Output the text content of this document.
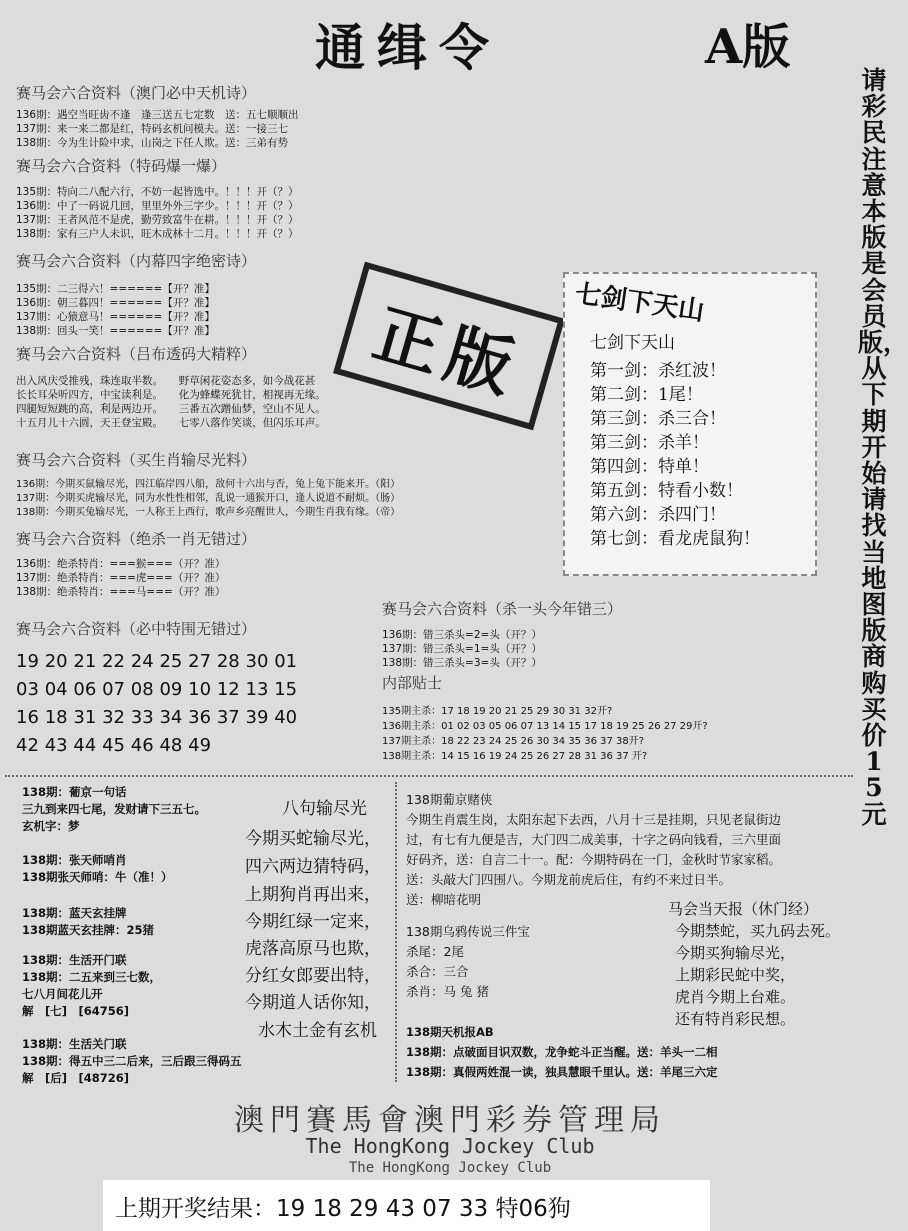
通缉令	A版
赛马会六合资料（澳门必中天机诗）
136期：遇空当旺齿不逢　逢三送五七定数　送：五七顺顺出
137期：来一来二都是红，特码玄机问模夫。送：一接三七
138期：今为生计险中求，山岗之下任人欺。送：三弟有势
赛马会六合资料（特码爆一爆）
135期：特向二八配六行，不妨一起皆选中。！！！开（？）
136期：中了一码说几回，里里外外三字少。！！！开（？）
137期：王者风范不是虎，勤劳致富牛在耕。！！！开（？）
138期：家有三户人未识，旺木成林十二月。！！！开（？）
赛马会六合资料（内幕四字绝密诗）
135期：二三得六！======【开？准】
136期：朝三暮四！======【开？准】
137期：心猿意马！======【开？准】
138期：回头一笑！======【开？准】
赛马会六合资料（吕布透码大精粹）
出入风庆受推残，珠连取半数。　　野草闲花姿态多，如今战花甚
长长耳朵听四方，中宝读利是。　　化为蜂蝶死犹甘，相视再无缘。
四腿短短跳的高，利是两边开。　　三番五次蹭仙梦，空山不见人。
十五月儿十六圆，天王登宝殿。　　七零八落作笑谈，但闪乐耳声。
赛马会六合资料（买生肖输尽光料）
136期：今期买鼠输尽光，四江临岸四八船，敌何十六出与否，兔上兔下能来开。（阳）
137期：今期买虎输尽光，同为水性性相邻，乱说一通猴开口，逢人说道不耐烦。（肠）
138期：今期买兔输尽光，一人称王上西行，歌声乡亮醒世人，今期生肖我有缘。（帝）
赛马会六合资料（绝杀一肖无错过）
136期：绝杀特肖：===猴===（开？准）
137期：绝杀特肖：===虎===（开？准）
138期：绝杀特肖：===马===（开？准）
赛马会六合资料（必中特围无错过）
19 20 21 22 24 25 27 28 30 01
03 04 06 07 08 09 10 12 13 15
16 18 31 32 33 34 36 37 39 40
42 43 44 45 46 48 49
正版	七剑下天山
七剑下天山
第一剑：杀红波！
第二剑：1尾！
第三剑：杀三合！
第三剑：杀羊！
第四剑：特单！
第五剑：特看小数！
第六剑：杀四门！
第七剑：看龙虎鼠狗！
请彩民注意本版是会员版，从下期开始请找当地图版商购买价15元
赛马会六合资料（杀一头今年错三）
136期：错三杀头=2=头（开？）
137期：错三杀头=1=头（开？）
138期：错三杀头=3=头（开？）
内部贴士
135期主杀：17 18 19 20 21 25 29 30 31 32开?
136期主杀：01 02 03 05 06 07 13 14 15 17 18 19 25 26 27 29开?
137期主杀：18 22 23 24 25 26 30 34 35 36 37 38开?
138期主杀：14 15 16 19 24 25 26 27 28 31 36 37 开?
138期：葡京一句话
三九到来四七尾，发财请下三五七。
玄机字：梦
138期：张天师哨肖
138期张天师哨：牛（准！）
138期：蓝天玄挂牌
138期蓝天玄挂牌：25猪
138期：生活开门联
138期：二五来到三七数，
七八月间花儿开
解　[七]　[64756]
138期：生活关门联
138期：得五中三二后来，三后跟三得码五
解　[后]　[48726]
八句输尽光
今期买蛇输尽光，
四六两边猜特码，
上期狗肖再出来，
今期红绿一定来，
虎落高原马也欺，
分红女郎要出特，
今期道人话你知，
水木土金有玄机
138期葡京赌侠
今期生肖震生岗，太阳东起下去西，八月十三是挂期，只见老鼠街边
过，有七有九便是吉，大门四二成美事，十字之码向钱看，三六里面
好码齐，送：自言二十一。配：今期特码在一门，金秋时节家家稻。
送：头敲大门四围八。今期龙前虎后住，有约不来过日半。
送：柳暗花明
138期乌鸦传说三件宝
杀尾：2尾
杀合：三合
杀肖：马 兔 猪
马会当天报（休门经）
今期禁蛇，买九码去死。
今期买狗输尽光，
上期彩民蛇中奖，
虎肖今期上台难。
还有特肖彩民想。
138期天机报AB
138期：点破面目识双数，龙争蛇斗正当醒。送：羊头一二相
138期：真假两姓混一读，独具慧眼千里认。送：羊尾三六定
澳門賽馬會澳門彩券管理局
The HongKong Jockey Club
The HongKong Jockey Club
上期开奖结果：19 18 29 43 07 33 特06狗
